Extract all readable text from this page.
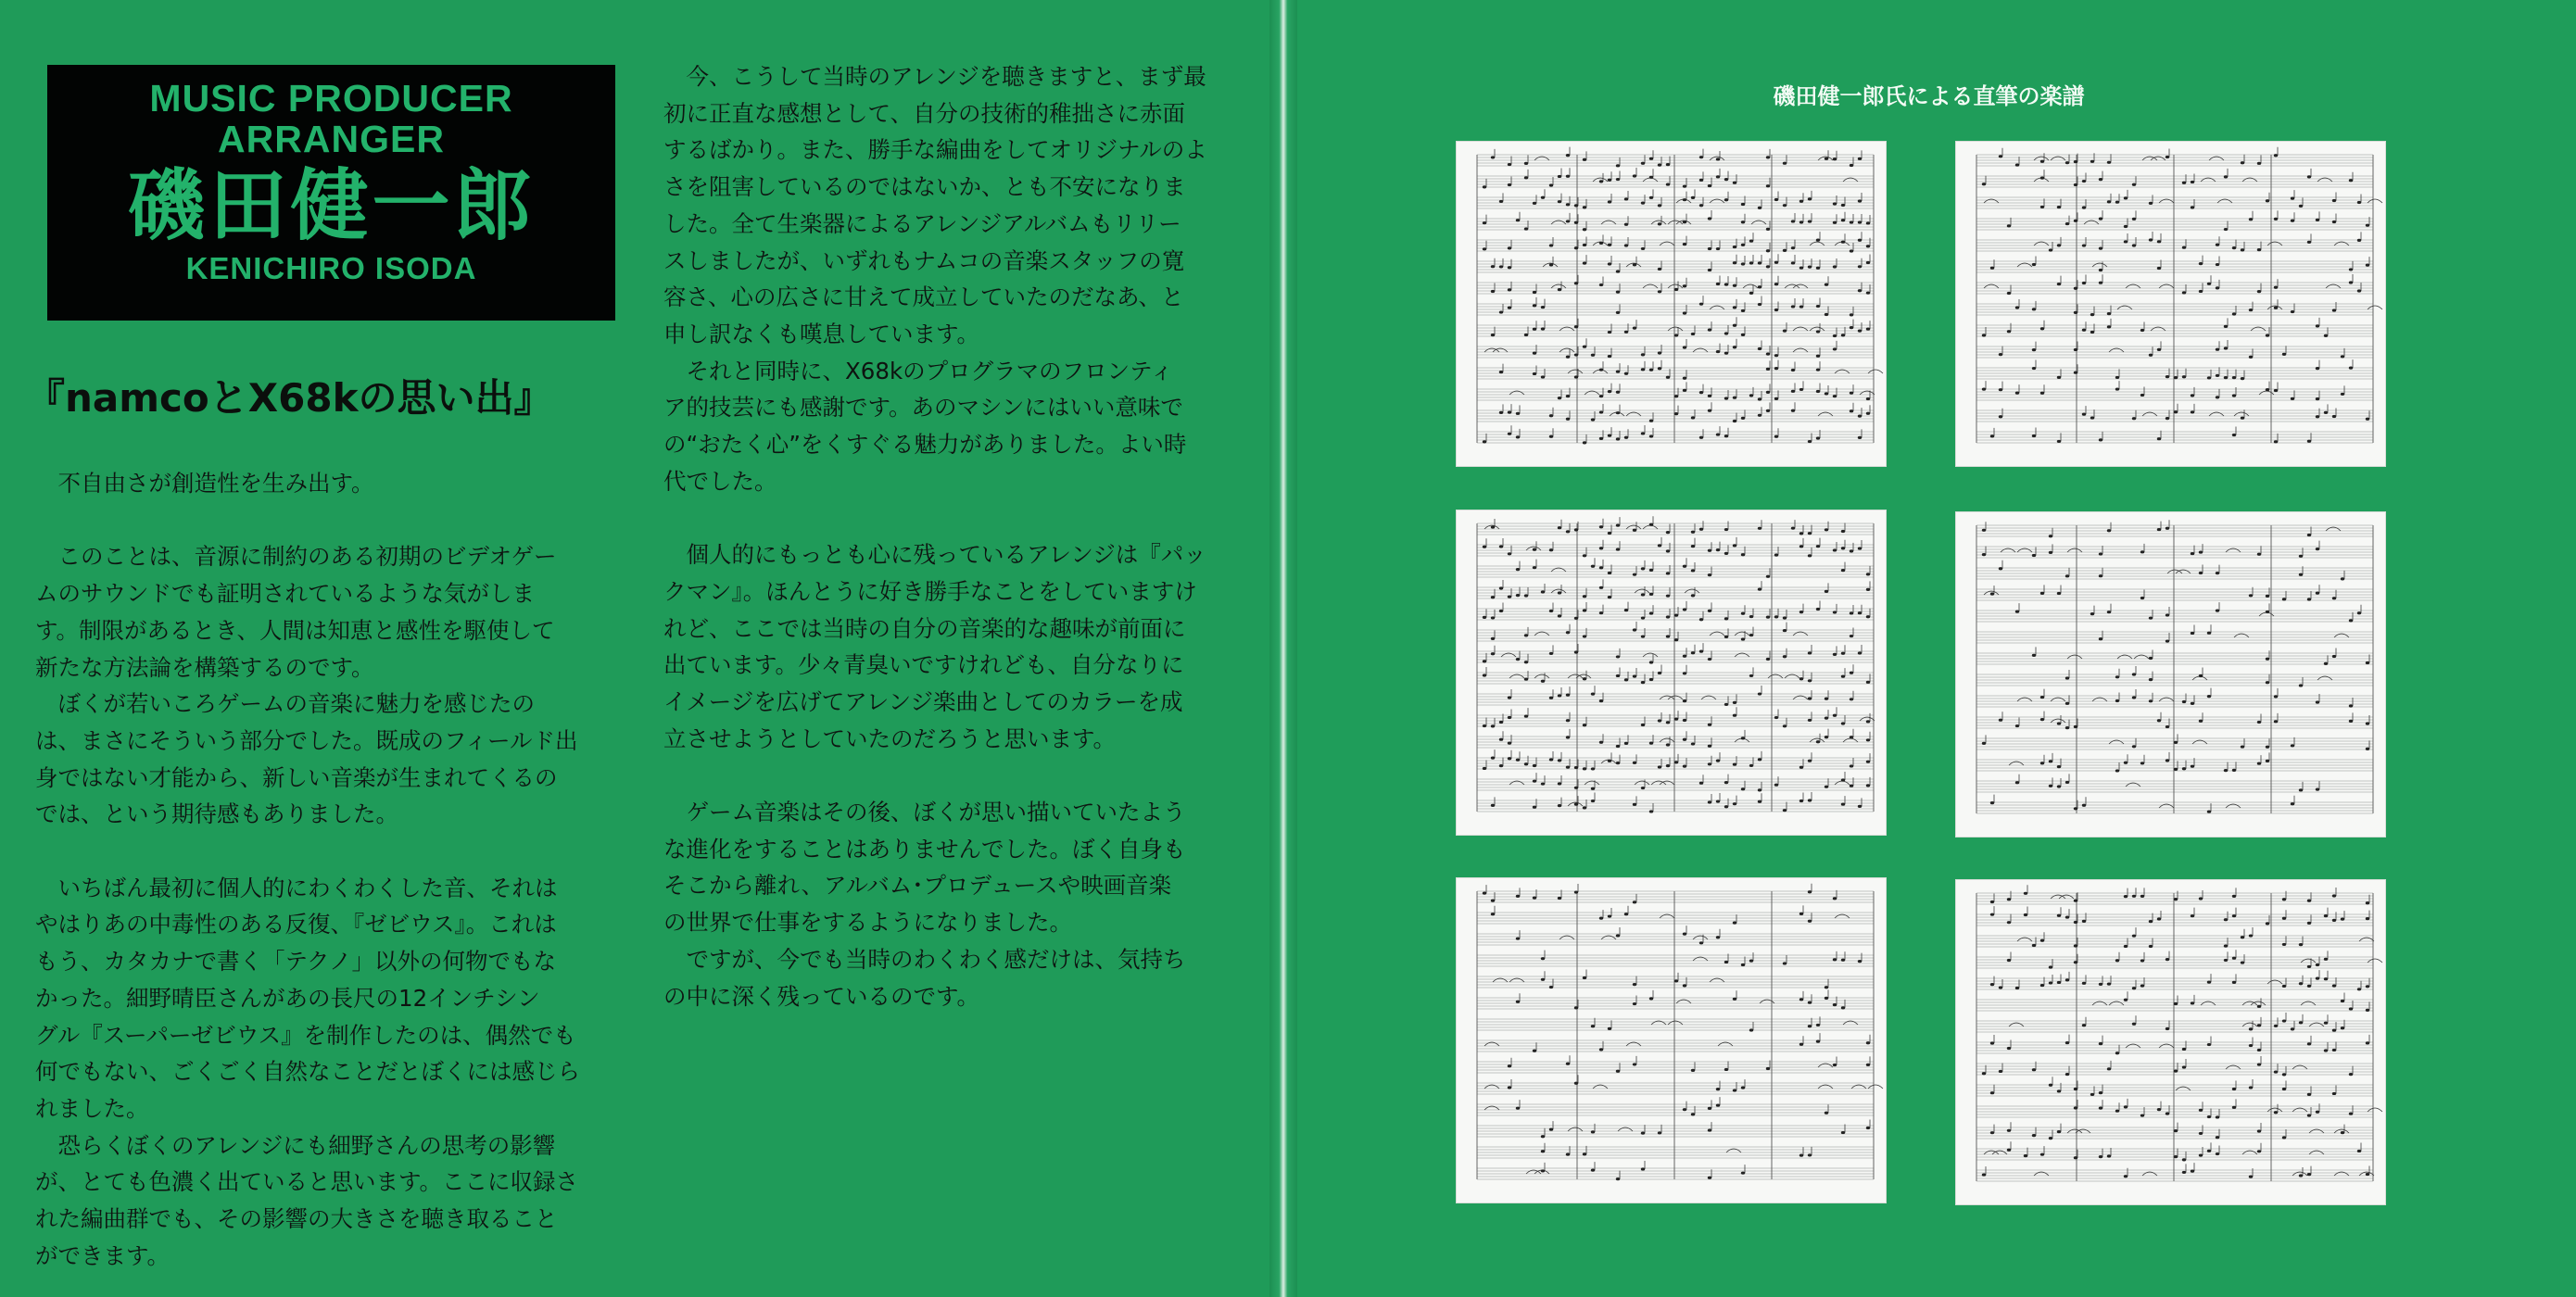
MUSIC PRODUCER
ARRANGER
磯田健一郎
KENICHIRO ISODA
『namcoとX68kの思い出』
　不自由さが創造性を生み出す。

　このことは、音源に制約のある初期のビデオゲー
ムのサウンドでも証明されているような気がしま
す。制限があるとき、人間は知恵と感性を駆使して
新たな方法論を構築するのです。
　ぼくが若いころゲームの音楽に魅力を感じたの
は、まさにそういう部分でした。既成のフィールド出
身ではない才能から、新しい音楽が生まれてくるの
では、という期待感もありました。

　いちばん最初に個人的にわくわくした音、それは
やはりあの中毒性のある反復、『ゼビウス』。これは
もう、カタカナで書く「テクノ」以外の何物でもな
かった。細野晴臣さんがあの長尺の12インチシン
グル『スーパーゼビウス』を制作したのは、偶然でも
何でもない、ごくごく自然なことだとぼくには感じら
れました。
　恐らくぼくのアレンジにも細野さんの思考の影響
が、とても色濃く出ていると思います。ここに収録さ
れた編曲群でも、その影響の大きさを聴き取ること
ができます。
　今、こうして当時のアレンジを聴きますと、まず最
初に正直な感想として、自分の技術的稚拙さに赤面
するばかり。また、勝手な編曲をしてオリジナルのよ
さを阻害しているのではないか、とも不安になりま
した。全て生楽器によるアレンジアルバムもリリー
スしましたが、いずれもナムコの音楽スタッフの寛
容さ、心の広さに甘えて成立していたのだなあ、と
申し訳なくも嘆息しています。
　それと同時に、X68kのプログラマのフロンティ
ア的技芸にも感謝です。あのマシンにはいい意味で
の“おたく心”をくすぐる魅力がありました。よい時
代でした。

　個人的にもっとも心に残っているアレンジは『パッ
クマン』。ほんとうに好き勝手なことをしていますけ
れど、ここでは当時の自分の音楽的な趣味が前面に
出ています。少々青臭いですけれども、自分なりに
イメージを広げてアレンジ楽曲としてのカラーを成
立させようとしていたのだろうと思います。

　ゲーム音楽はその後、ぼくが思い描いていたよう
な進化をすることはありませんでした。ぼく自身も
そこから離れ、アルバム･プロデュースや映画音楽
の世界で仕事をするようになりました。
　ですが、今でも当時のわくわく感だけは、気持ち
の中に深く残っているのです。
磯田健一郎氏による直筆の楽譜
